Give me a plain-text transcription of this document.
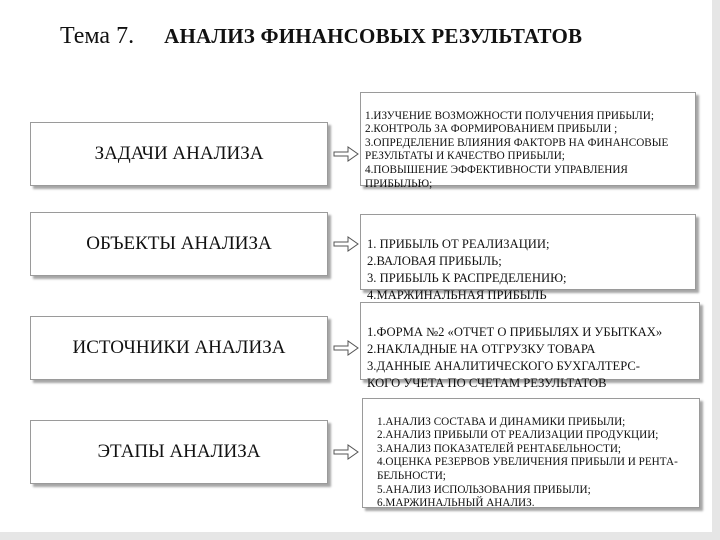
Тема 7. АНАЛИЗ ФИНАНСОВЫХ РЕЗУЛЬТАТОВ
ЗАДАЧИ АНАЛИЗА

1.ИЗУЧЕНИЕ ВОЗМОЖНОСТИ ПОЛУЧЕНИЯ ПРИБЫЛИ;
2.КОНТРОЛЬ ЗА ФОРМИРОВАНИЕМ ПРИБЫЛИ ;
3.ОПРЕДЕЛЕНИЕ ВЛИЯНИЯ ФАКТОРВ НА ФИНАНСОВЫЕ РЕЗУЛЬТАТЫ И КАЧЕСТВО ПРИБЫЛИ;
4.ПОВЫШЕНИЕ ЭФФЕКТИВНОСТИ УПРАВЛЕНИЯ
ПРИБЫЛЬЮ;

ОБЪЕКТЫ АНАЛИЗА	1. ПРИБЫЛЬ ОТ РЕАЛИЗАЦИИ;
2.ВАЛОВАЯ ПРИБЫЛЬ;
3. ПРИБЫЛЬ К РАСПРЕДЕЛЕНИЮ;
4.МАРЖИНАЛЬНАЯ ПРИБЫЛЬ

ИСТОЧНИКИ АНАЛИЗА

1.ФОРМА №2 «ОТЧЕТ О ПРИБЫЛЯХ И УБЫТКАХ»
2.НАКЛАДНЫЕ НА ОТГРУЗКУ ТОВАРА
3.ДАННЫЕ АНАЛИТИЧЕСКОГО БУХГАЛТЕРС-
КОГО УЧЕТА ПО СЧЕТАМ РЕЗУЛЬТАТОВ

ЭТАПЫ АНАЛИЗА

1.АНАЛИЗ СОСТАВА И ДИНАМИКИ ПРИБЫЛИ;
2.АНАЛИЗ ПРИБЫЛИ ОТ РЕАЛИЗАЦИИ ПРОДУКЦИИ;
3.АНАЛИЗ ПОКАЗАТЕЛЕЙ РЕНТАБЕЛЬНОСТИ;
4.ОЦЕНКА РЕЗЕРВОВ УВЕЛИЧЕНИЯ ПРИБЫЛИ И РЕНТА-
БЕЛЬНОСТИ;
5.АНАЛИЗ ИСПОЛЬЗОВАНИЯ ПРИБЫЛИ;
6.МАРЖИНАЛЬНЫЙ АНАЛИЗ.
